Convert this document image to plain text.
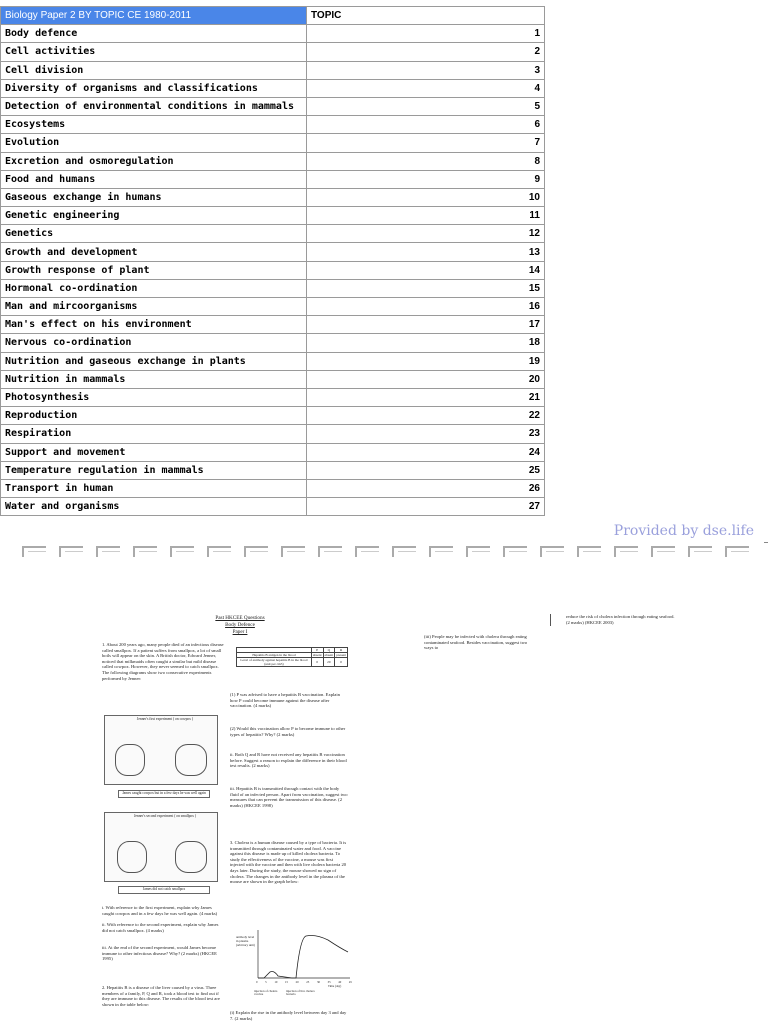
Biology Paper 2 BY TOPIC CE 1980-2011	TOPIC
Body defence	1
Cell activities	2
Cell division	3
Diversity of organisms and classifications	4
Detection of environmental conditions in mammals	5
Ecosystems	6
Evolution	7
Excretion and osmoregulation	8
Food and humans	9
Gaseous exchange in humans	10
Genetic engineering	11
Genetics	12
Growth and development	13
Growth response of plant	14
Hormonal co-ordination	15
Man and mircoorganisms	16
Man's effect on his environment	17
Nervous co-ordination	18
Nutrition and gaseous exchange in plants	19
Nutrition in mammals	20
Photosynthesis	21
Reproduction	22
Respiration	23
Support and movement	24
Temperature regulation in mammals	25
Transport in human	26
Water and organisms	27
Provided by dse.life
Past HKCEE Questions
Body Defence
Paper I
1. About 200 years ago, many people died of an infectious disease called smallpox. If a patient suffers from smallpox, a lot of small boils will appear on the skin. A British doctor, Edward Jenner, noticed that milkmaids often caught a similar but mild disease called cowpox. However, they never seemed to catch smallpox. The following diagrams show two consecutive experiments performed by Jenner:
Jenner's first experiment ( on cowpox )
James caught cowpox but in a few days he was well again
Jenner's second experiment ( on smallpox )
James did not catch smallpox
i. With reference to the first experiment, explain why James caught cowpox and in a few days he was well again. (4 marks)
ii. With reference to the second experiment, explain why James did not catch smallpox. (4 marks)
iii. At the end of the second experiment, would James become immune to other infectious disease? Why? (2 marks) (HKCEE 1995)
2. Hepatitis B is a disease of the liver caused by a virus. Three members of a family, P, Q and R, took a blood test to find out if they are immune to this disease. The results of the blood test are shown in the table below:
	P	Q	R
Hepatitis B antigen in the blood	absent	absent	present
Level of antibody against hepatitis B in the blood (unit per cm3)	0	20	0
(1) P was advised to have a hepatitis B vaccination. Explain how P could become immune against the disease after vaccination. (4 marks)
(2) Would this vaccination allow P to become immune to other types of hepatitis? Why? (2 marks)
ii. Both Q and R have not received any hepatitis B vaccination before. Suggest a reason to explain the difference in their blood test results. (2 marks)
iii. Hepatitis B is transmitted through contact with the body fluid of an infected person. Apart from vaccination, suggest two measures that can prevent the transmission of this disease. (2 marks) (HKCEE 1998)
3. Cholera is a human disease caused by a type of bacteria. It is transmitted through contaminated water and food. A vaccine against this disease is made up of killed cholera bacteria. To study the effectiveness of the vaccine, a mouse was first injected with the vaccine and then with live cholera bacteria 20 days later. During the study, the mouse showed no sign of cholera. The changes in the antibody level in the plasma of the mouse are shown in the graph below:
antibody level in plasma (arbitrary unit)
0	5	10	15	20	25	30	35	40	45
Time (day)
injection of cholera vaccine
injection of live cholera bacteria
(i) Explain the rise in the antibody level between day 3 and day 7. (2 marks)
(iii) People may be infected with cholera through eating contaminated seafood. Besides vaccination, suggest two ways to
reduce the risk of cholera infection through eating seafood. (2 marks) (HKCEE 2003)
